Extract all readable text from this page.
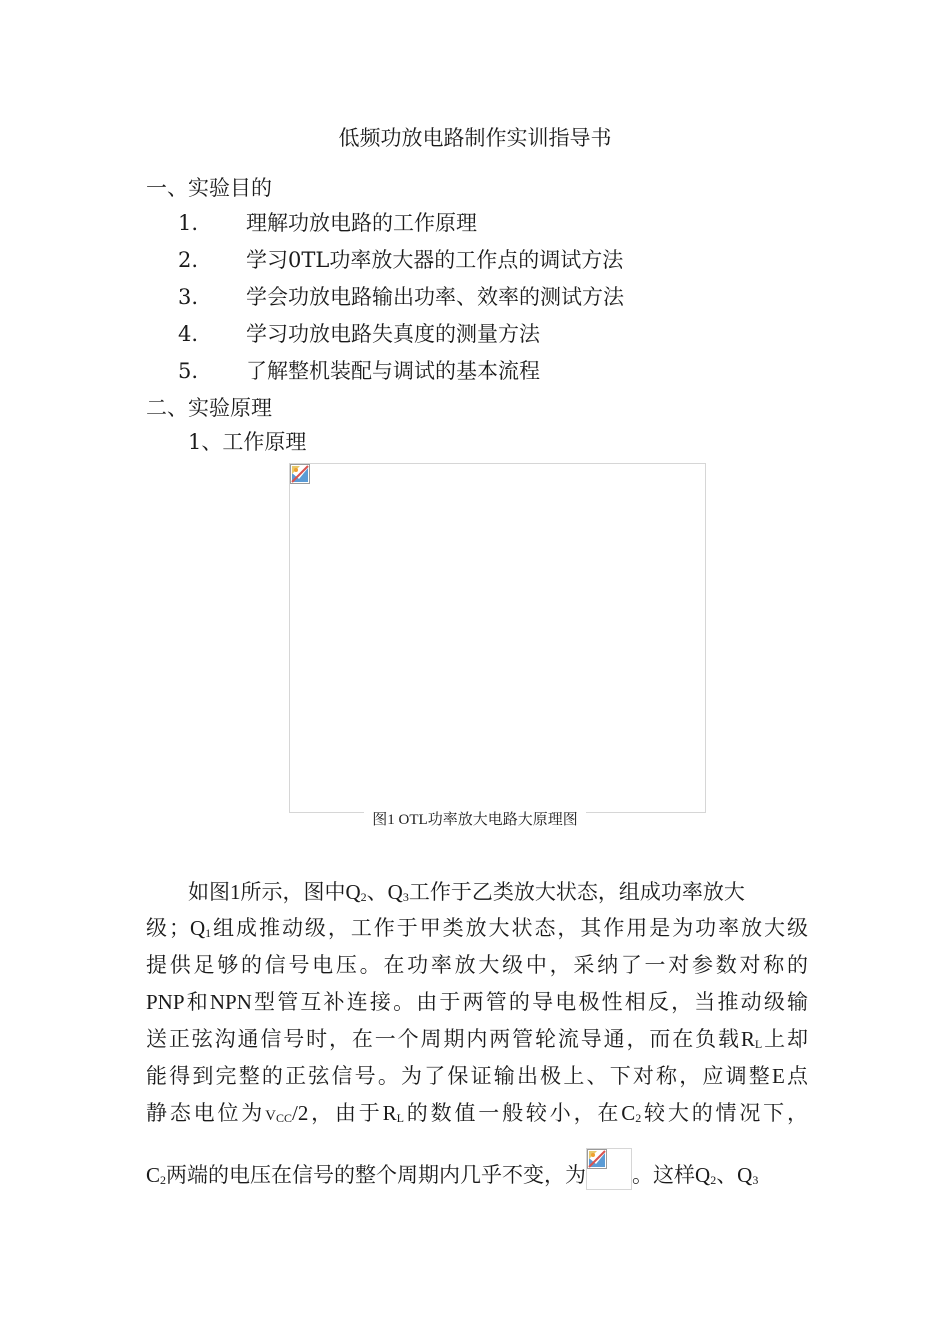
低频功放电路制作实训指导书
一、实验目的
1. 理解功放电路的工作原理
2. 学习0TL功率放大器的工作点的调试方法
3. 学会功放电路输出功率、效率的测试方法
4. 学习功放电路失真度的测量方法
5. 了解整机装配与调试的基本流程
二、实验原理
1、工作原理
图1 OTL功率放大电路大原理图
如图1所示，图中$Q_2$、$Q_3$工作于乙类放大状态，组成功率放大
级；$Q_1$组成推动级，工作于甲类放大状态，其作用是为功率放大级
提供足够的信号电压。在功率放大级中，采纳了一对参数对称的
PNP和NPN型管互补连接。由于两管的导电极性相反，当推动级输
送正弦沟通信号时，在一个周期内两管轮流导通，而在负载$R_L$上却
能得到完整的正弦信号。为了保证输出极上、下对称，应调整E点
静态电位为$V_{CC}/2$，由于$R_L$的数值一般较小，在$C_2$较大的情况下，
$C_2$两端的电压在信号的整个周期内几乎不变，为 。这样$Q_2$、$Q_3$
